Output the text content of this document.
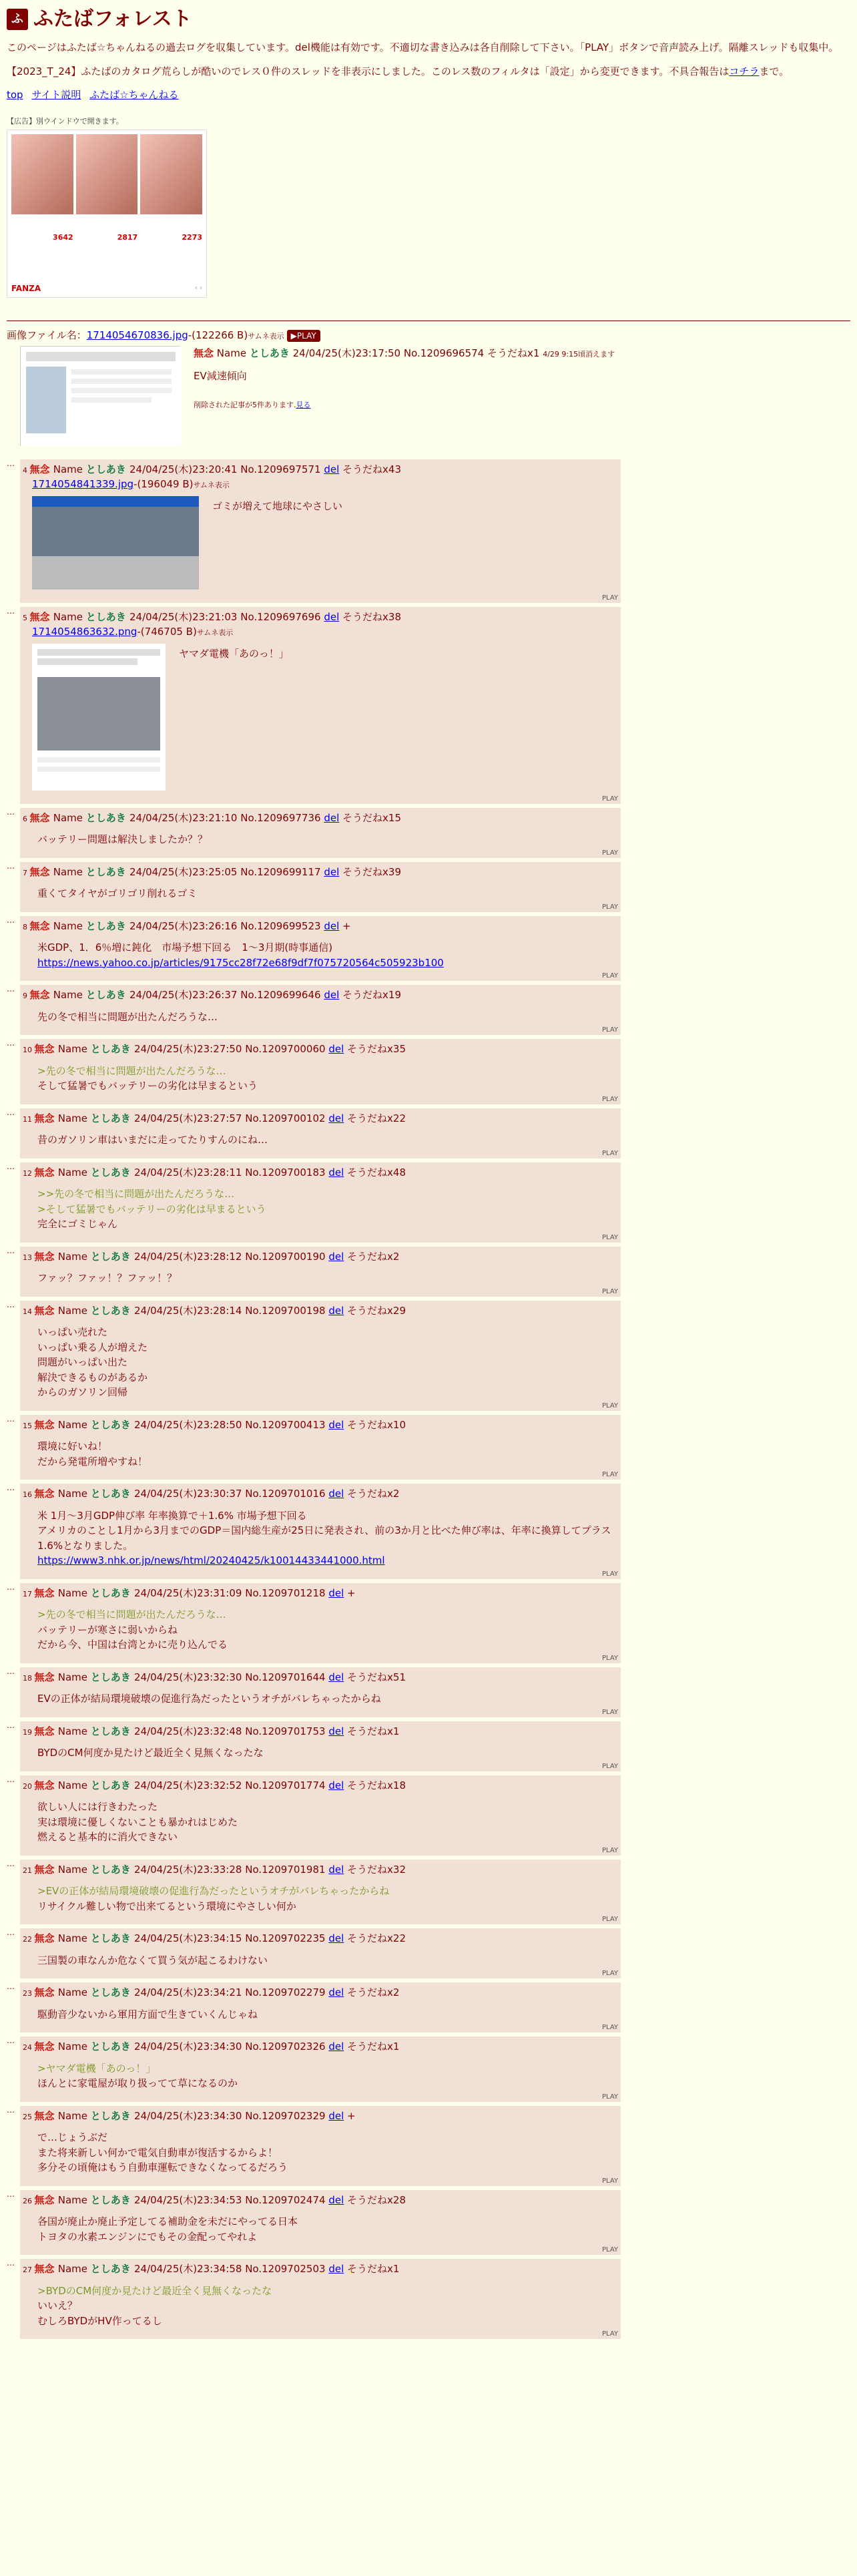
ふ ふたばフォレスト

このページはふたば☆ちゃんねるの過去ログを収集しています。del機能は有効です。不適切な書き込みは各自削除して下さい。「PLAY」ボタンで音声読み上げ。隔離スレッドも収集中。

【2023_T_24】ふたばのカタログ荒らしが酷いのでレス０件のスレッドを非表示にしました。このレス数のフィルタは「設定」から変更できます。不具合報告はコチラまで。

top サイト説明 ふたば☆ちゃんねる
【広告】別ウインドウで開きます。
3642	2817	2273
FANZA	‹ ›
画像ファイル名：1714054670836.jpg-(122266 B)サムネ表示 ▶PLAY
無念 Name としあき 24/04/25(木)23:17:50 No.1209696574 そうだねx1 4/29 9:15頃消えます
EV減速傾向
削除された記事が5件あります.見る
…
4 無念 Name としあき 24/04/25(木)23:20:41 No.1209697571 del そうだねx43
1714054841339.jpg-(196049 B)サムネ表示
ゴミが増えて地球にやさしい
PLAY
…
5 無念 Name としあき 24/04/25(木)23:21:03 No.1209697696 del そうだねx38
1714054863632.png-(746705 B)サムネ表示
ヤマダ電機「あのっ！」
PLAY
…
6 無念 Name としあき 24/04/25(木)23:21:10 No.1209697736 del そうだねx15
バッテリー問題は解決しましたか？？
PLAY
…
7 無念 Name としあき 24/04/25(木)23:25:05 No.1209699117 del そうだねx39
重くてタイヤがゴリゴリ削れるゴミ
PLAY
…
8 無念 Name としあき 24/04/25(木)23:26:16 No.1209699523 del +
米GDP、1．6％増に鈍化　市場予想下回る　1～3月期(時事通信)
https://news.yahoo.co.jp/articles/9175cc28f72e68f9df7f075720564c505923b100
PLAY
…
9 無念 Name としあき 24/04/25(木)23:26:37 No.1209699646 del そうだねx19
先の冬で相当に問題が出たんだろうな…
PLAY
…
10 無念 Name としあき 24/04/25(木)23:27:50 No.1209700060 del そうだねx35
>先の冬で相当に問題が出たんだろうな…
そして猛暑でもバッテリーの劣化は早まるという
PLAY
…
11 無念 Name としあき 24/04/25(木)23:27:57 No.1209700102 del そうだねx22
昔のガソリン車はいまだに走ってたりすんのにね…
PLAY
…
12 無念 Name としあき 24/04/25(木)23:28:11 No.1209700183 del そうだねx48
>>先の冬で相当に問題が出たんだろうな…
>そして猛暑でもバッテリーの劣化は早まるという
完全にゴミじゃん
PLAY
…
13 無念 Name としあき 24/04/25(木)23:28:12 No.1209700190 del そうだねx2
ファッ？ファッ！？ファッ！？
PLAY
…
14 無念 Name としあき 24/04/25(木)23:28:14 No.1209700198 del そうだねx29
いっぱい売れた
いっぱい乗る人が増えた
問題がいっぱい出た
解決できるものがあるか
からのガソリン回帰
PLAY
…
15 無念 Name としあき 24/04/25(木)23:28:50 No.1209700413 del そうだねx10
環境に好いね！
だから発電所増やすね！
PLAY
…
16 無念 Name としあき 24/04/25(木)23:30:37 No.1209701016 del そうだねx2
米 1月～3月GDP伸び率 年率換算で＋1.6% 市場予想下回る
アメリカのことし1月から3月までのGDP＝国内総生産が25日に発表され、前の3か月と比べた伸び率は、年率に換算してプラス1.6%となりました。
https://www3.nhk.or.jp/news/html/20240425/k10014433441000.html
PLAY
…
17 無念 Name としあき 24/04/25(木)23:31:09 No.1209701218 del +
>先の冬で相当に問題が出たんだろうな…
バッテリーが寒さに弱いからね
だから今、中国は台湾とかに売り込んでる
PLAY
…
18 無念 Name としあき 24/04/25(木)23:32:30 No.1209701644 del そうだねx51
EVの正体が結局環境破壊の促進行為だったというオチがバレちゃったからね
PLAY
…
19 無念 Name としあき 24/04/25(木)23:32:48 No.1209701753 del そうだねx1
BYDのCM何度か見たけど最近全く見無くなったな
PLAY
…
20 無念 Name としあき 24/04/25(木)23:32:52 No.1209701774 del そうだねx18
欲しい人には行きわたった
実は環境に優しくないことも暴かれはじめた
燃えると基本的に消火できない
PLAY
…
21 無念 Name としあき 24/04/25(木)23:33:28 No.1209701981 del そうだねx32
>EVの正体が結局環境破壊の促進行為だったというオチがバレちゃったからね
リサイクル難しい物で出来てるという環境にやさしい何か
PLAY
…
22 無念 Name としあき 24/04/25(木)23:34:15 No.1209702235 del そうだねx22
三国製の車なんか危なくて買う気が起こるわけない
PLAY
…
23 無念 Name としあき 24/04/25(木)23:34:21 No.1209702279 del そうだねx2
駆動音少ないから軍用方面で生きていくんじゃね
PLAY
…
24 無念 Name としあき 24/04/25(木)23:34:30 No.1209702326 del そうだねx1
>ヤマダ電機「あのっ！」
ほんとに家電屋が取り扱ってて草になるのか
PLAY
…
25 無念 Name としあき 24/04/25(木)23:34:30 No.1209702329 del +
で…じょうぶだ
また将来新しい何かで電気自動車が復活するからよ！
多分その頃俺はもう自動車運転できなくなってるだろう
PLAY
…
26 無念 Name としあき 24/04/25(木)23:34:53 No.1209702474 del そうだねx28
各国が廃止か廃止予定してる補助金を未だにやってる日本
トヨタの水素エンジンにでもその金配ってやれよ
PLAY
…
27 無念 Name としあき 24/04/25(木)23:34:58 No.1209702503 del そうだねx1
>BYDのCM何度か見たけど最近全く見無くなったな
いいえ？
むしろBYDがHV作ってるし
PLAY
